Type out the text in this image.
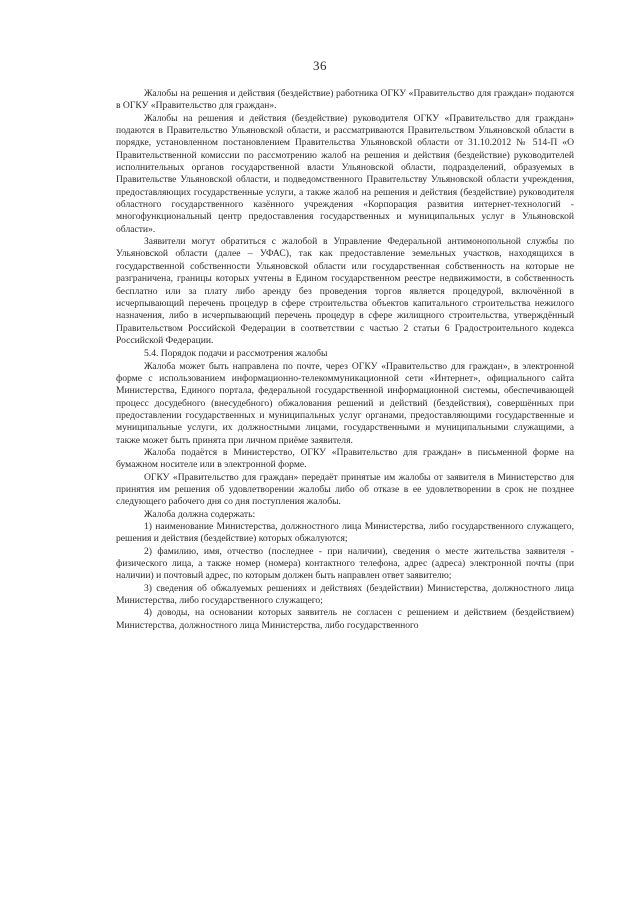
36

Жалобы на решения и действия (бездействие) работника ОГКУ «Правительство для граждан» подаются в ОГКУ «Правительство для граждан».

Жалобы на решения и действия (бездействие) руководителя ОГКУ «Правительство для граждан» подаются в Правительство Ульяновской области, и рассматриваются Правительством Ульяновской области в порядке, установленном постановлением Правительства Ульяновской области от 31.10.2012 № 514-П «О Правительственной комиссии по рассмотрению жалоб на решения и действия (бездействие) руководителей исполнительных органов государственной власти Ульяновской области, подразделений, образуемых в Правительстве Ульяновской области, и подведомственного Правительству Ульяновской области учреждения, предоставляющих государственные услуги, а также жалоб на решения и действия (бездействие) руководителя областного государственного казённого учреждения «Корпорация развития интернет-технологий - многофункциональный центр предоставления государственных и муниципальных услуг в Ульяновской области».

Заявители могут обратиться с жалобой в Управление Федеральной антимонопольной службы по Ульяновской области (далее – УФАС), так как предоставление земельных участков, находящихся в государственной собственности Ульяновской области или государственная собственность на которые не разграничена, границы которых учтены в Едином государственном реестре недвижимости, в собственность бесплатно или за плату либо аренду без проведения торгов является процедурой, включённой в исчерпывающий перечень процедур в сфере строительства объектов капитального строительства нежилого назначения, либо в исчерпывающий перечень процедур в сфере жилищного строительства, утверждённый Правительством Российской Федерации в соответствии с частью 2 статьи 6 Градостроительного кодекса Российской Федерации.

5.4. Порядок подачи и рассмотрения жалобы

Жалоба может быть направлена по почте, через ОГКУ «Правительство для граждан», в электронной форме с использованием информационно-телекоммуникационной сети «Интернет», официального сайта Министерства, Единого портала, федеральной государственной информационной системы, обеспечивающей процесс досудебного (внесудебного) обжалования решений и действий (бездействия), совершённых при предоставлении государственных и муниципальных услуг органами, предоставляющими государственные и муниципальные услуги, их должностными лицами, государственными и муниципальными служащими, а также может быть принята при личном приёме заявителя.

Жалоба подаётся в Министерство, ОГКУ «Правительство для граждан» в письменной форме на бумажном носителе или в электронной форме.

ОГКУ «Правительство для граждан» передаёт принятые им жалобы от заявителя в Министерство для принятия им решения об удовлетворении жалобы либо об отказе в ее удовлетворении в срок не позднее следующего рабочего дня со дня поступления жалобы.

Жалоба должна содержать:

1) наименование Министерства, должностного лица Министерства, либо государственного служащего, решения и действия (бездействие) которых обжалуются;

2) фамилию, имя, отчество (последнее - при наличии), сведения о месте жительства заявителя - физического лица, а также номер (номера) контактного телефона, адрес (адреса) электронной почты (при наличии) и почтовый адрес, по которым должен быть направлен ответ заявителю;

3) сведения об обжалуемых решениях и действиях (бездействии) Министерства, должностного лица Министерства, либо государственного служащего;

4) доводы, на основании которых заявитель не согласен с решением и действием (бездействием) Министерства, должностного лица Министерства, либо государственного
